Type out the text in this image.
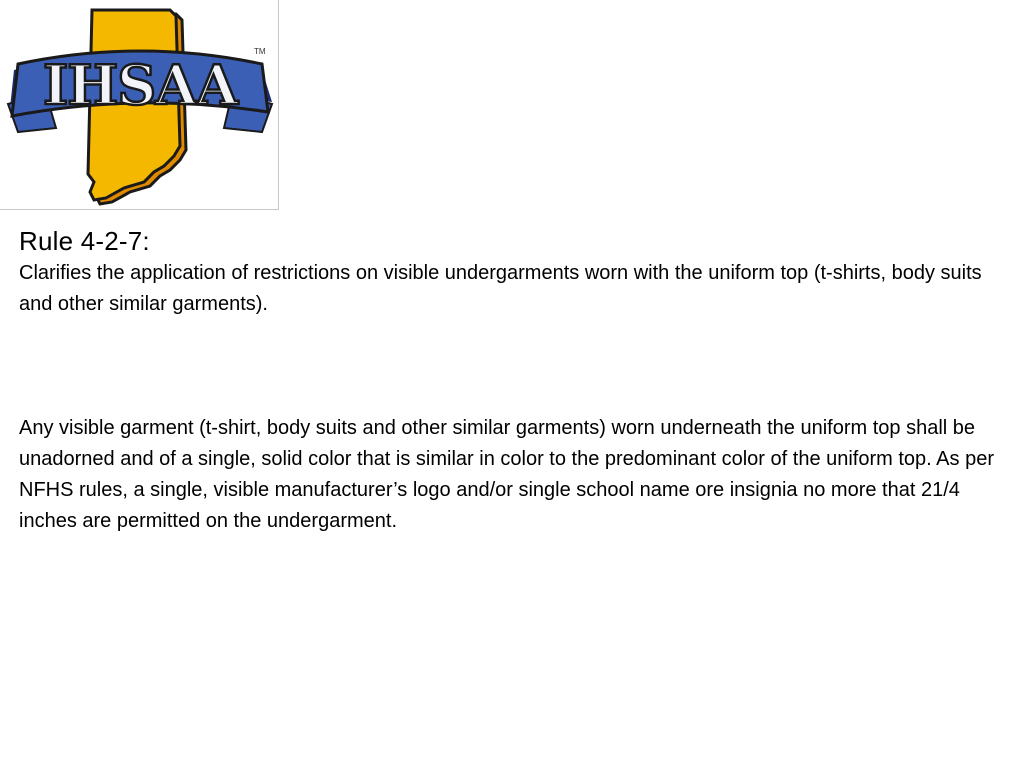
IHSAA
TM
Rule 4-2-7:

Clarifies the application of restrictions on visible undergarments worn with the uniform top (t-shirts, body suits and other similar garments).

Any visible garment (t-shirt, body suits and other similar garments) worn underneath the uniform top shall be unadorned and of a single, solid color that is similar in color to the predominant color of the uniform top. As per NFHS rules, a single, visible manufacturer’s logo and/or single school name ore insignia no more that 21/4 inches are permitted on the undergarment.
